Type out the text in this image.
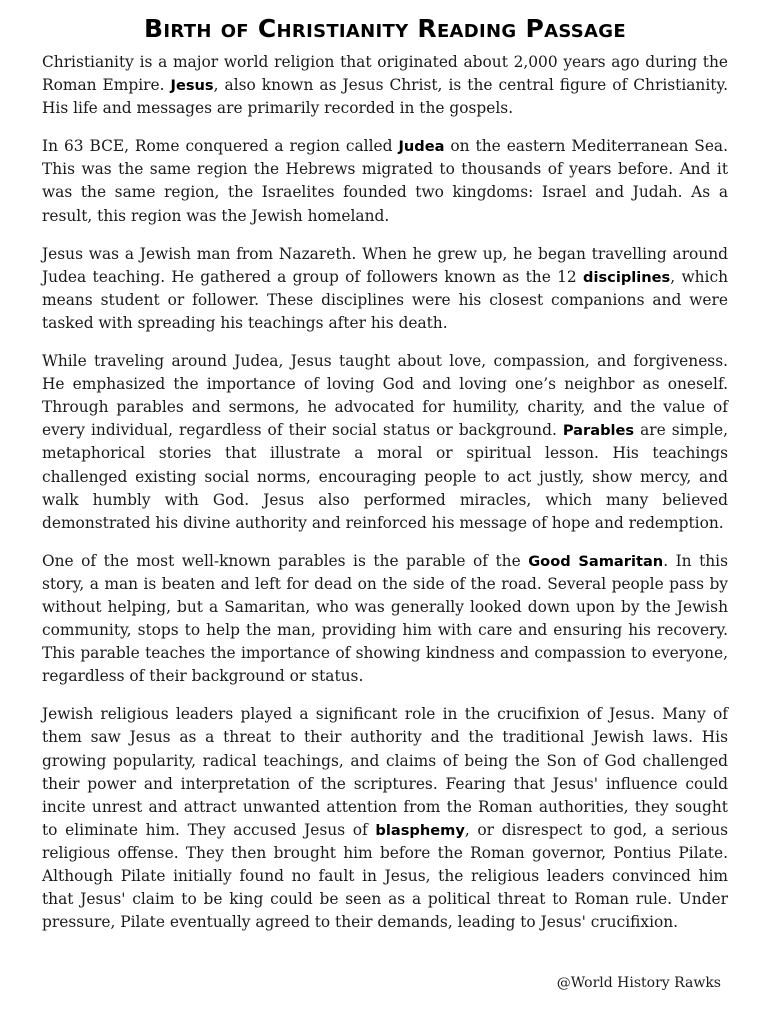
Birth of Christianity Reading Passage

Christianity is a major world religion that originated about 2,000 years ago during the Roman Empire. Jesus, also known as Jesus Christ, is the central figure of Christianity. His life and messages are primarily recorded in the gospels.

In 63 BCE, Rome conquered a region called Judea on the eastern Mediterranean Sea. This was the same region the Hebrews migrated to thousands of years before. And it was the same region, the Israelites founded two kingdoms: Israel and Judah. As a result, this region was the Jewish homeland.

Jesus was a Jewish man from Nazareth. When he grew up, he began travelling around Judea teaching. He gathered a group of followers known as the 12 disciplines, which means student or follower. These disciplines were his closest companions and were tasked with spreading his teachings after his death.

While traveling around Judea, Jesus taught about love, compassion, and forgiveness. He emphasized the importance of loving God and loving one’s neighbor as oneself. Through parables and sermons, he advocated for humility, charity, and the value of every individual, regardless of their social status or background. Parables are simple, metaphorical stories that illustrate a moral or spiritual lesson. His teachings challenged existing social norms, encouraging people to act justly, show mercy, and walk humbly with God. Jesus also performed miracles, which many believed demonstrated his divine authority and reinforced his message of hope and redemption.

One of the most well-known parables is the parable of the Good Samaritan. In this story, a man is beaten and left for dead on the side of the road. Several people pass by without helping, but a Samaritan, who was generally looked down upon by the Jewish community, stops to help the man, providing him with care and ensuring his recovery. This parable teaches the importance of showing kindness and compassion to everyone, regardless of their background or status.

Jewish religious leaders played a significant role in the crucifixion of Jesus. Many of them saw Jesus as a threat to their authority and the traditional Jewish laws. His growing popularity, radical teachings, and claims of being the Son of God challenged their power and interpretation of the scriptures. Fearing that Jesus' influence could incite unrest and attract unwanted attention from the Roman authorities, they sought to eliminate him. They accused Jesus of blasphemy, or disrespect to god, a serious religious offense. They then brought him before the Roman governor, Pontius Pilate. Although Pilate initially found no fault in Jesus, the religious leaders convinced him that Jesus' claim to be king could be seen as a political threat to Roman rule. Under pressure, Pilate eventually agreed to their demands, leading to Jesus' crucifixion.

@World History Rawks
